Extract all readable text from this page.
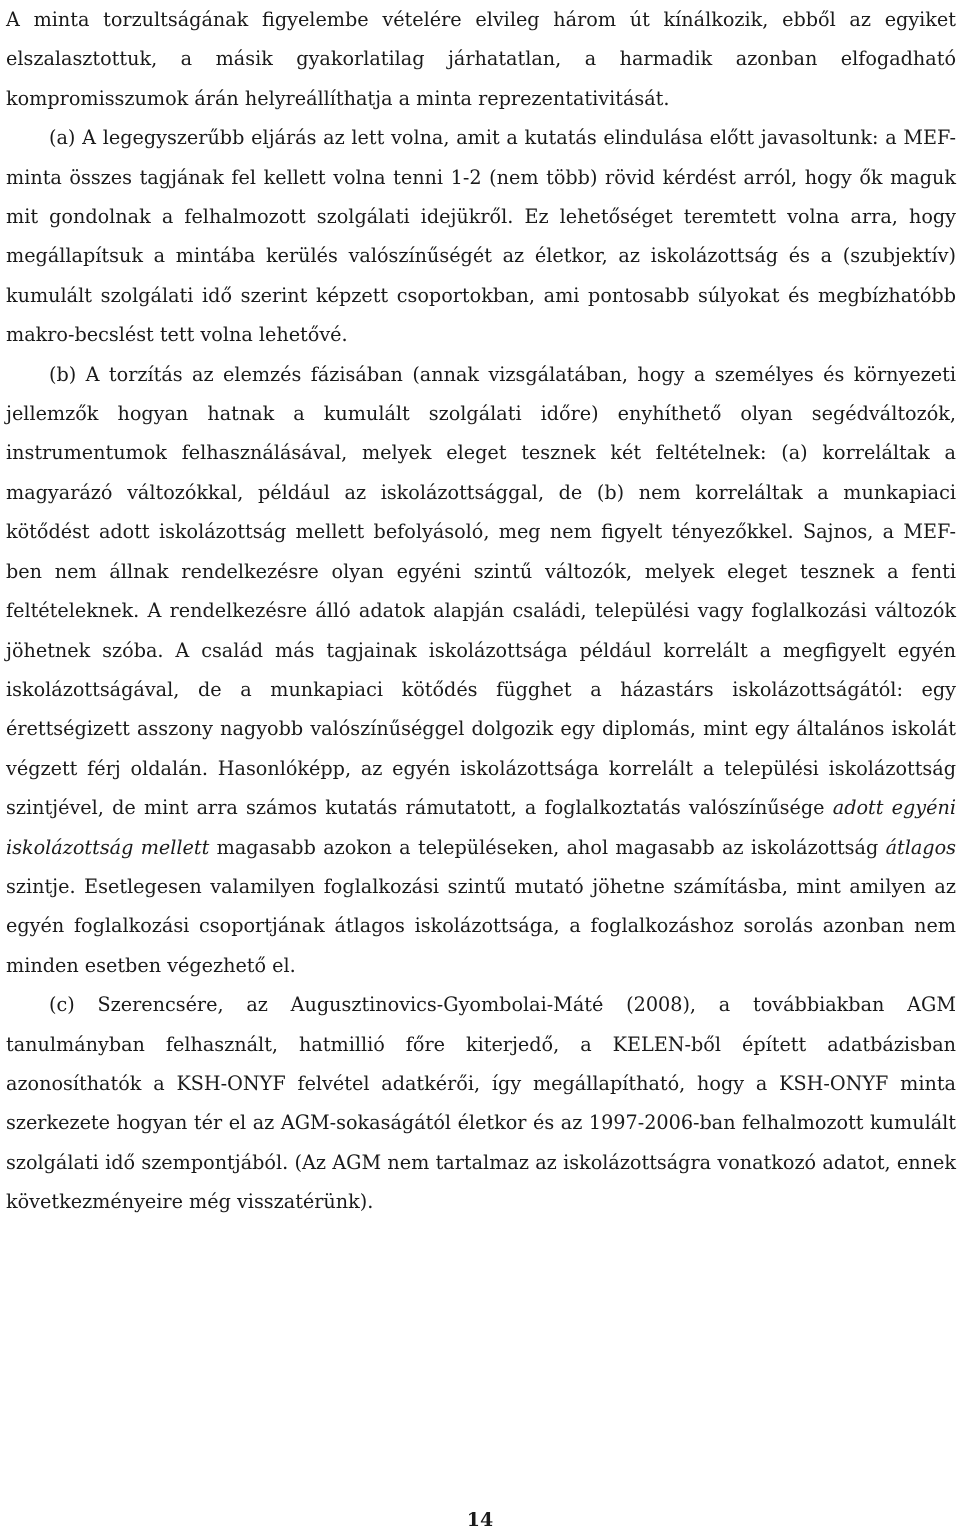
A minta torzultságának figyelembe vételére elvileg három út kínálkozik, ebből az egyiket elszalasztottuk, a másik gyakorlatilag járhatatlan, a harmadik azonban elfogadható kompromisszumok árán helyreállíthatja a minta reprezentativitását.

(a) A legegyszerűbb eljárás az lett volna, amit a kutatás elindulása előtt javasoltunk: a MEF-minta összes tagjának fel kellett volna tenni 1-2 (nem több) rövid kérdést arról, hogy ők maguk mit gondolnak a felhalmozott szolgálati idejükről. Ez lehetőséget teremtett volna arra, hogy megállapítsuk a mintába kerülés valószínűségét az életkor, az iskolázottság és a (szubjektív) kumulált szolgálati idő szerint képzett csoportokban, ami pontosabb súlyokat és megbízhatóbb makro-becslést tett volna lehetővé.

(b) A torzítás az elemzés fázisában (annak vizsgálatában, hogy a személyes és környezeti jellemzők hogyan hatnak a kumulált szolgálati időre) enyhíthető olyan segédváltozók, instrumentumok felhasználásával, melyek eleget tesznek két feltételnek: (a) korreláltak a magyarázó változókkal, például az iskolázottsággal, de (b) nem korreláltak a munkapiaci kötődést adott iskolázottság mellett befolyásoló, meg nem figyelt tényezőkkel. Sajnos, a MEF-ben nem állnak rendelkezésre olyan egyéni szintű változók, melyek eleget tesznek a fenti feltételeknek. A rendelkezésre álló adatok alapján családi, települési vagy foglalkozási változók jöhetnek szóba. A család más tagjainak iskolázottsága például korrelált a megfigyelt egyén iskolázottságával, de a munkapiaci kötődés függhet a házastárs iskolázottságától: egy érettségizett asszony nagyobb valószínűséggel dolgozik egy diplomás, mint egy általános iskolát végzett férj oldalán. Hasonlóképp, az egyén iskolázottsága korrelált a települési iskolázottság szintjével, de mint arra számos kutatás rámutatott, a foglalkoztatás valószínűsége adott egyéni iskolázottság mellett magasabb azokon a településeken, ahol magasabb az iskolázottság átlagos szintje. Esetlegesen valamilyen foglalkozási szintű mutató jöhetne számításba, mint amilyen az egyén foglalkozási csoportjának átlagos iskolázottsága, a foglalkozáshoz sorolás azonban nem minden esetben végezhető el.

(c) Szerencsére, az Augusztinovics-Gyombolai-Máté (2008), a továbbiakban AGM tanulmányban felhasznált, hatmillió főre kiterjedő, a KELEN-ből épített adatbázisban azonosíthatók a KSH-ONYF felvétel adatkérői, így megállapítható, hogy a KSH-ONYF minta szerkezete hogyan tér el az AGM-sokaságától életkor és az 1997-2006-ban felhalmozott kumulált szolgálati idő szempontjából. (Az AGM nem tartalmaz az iskolázottságra vonatkozó adatot, ennek következményeire még visszatérünk).

14
